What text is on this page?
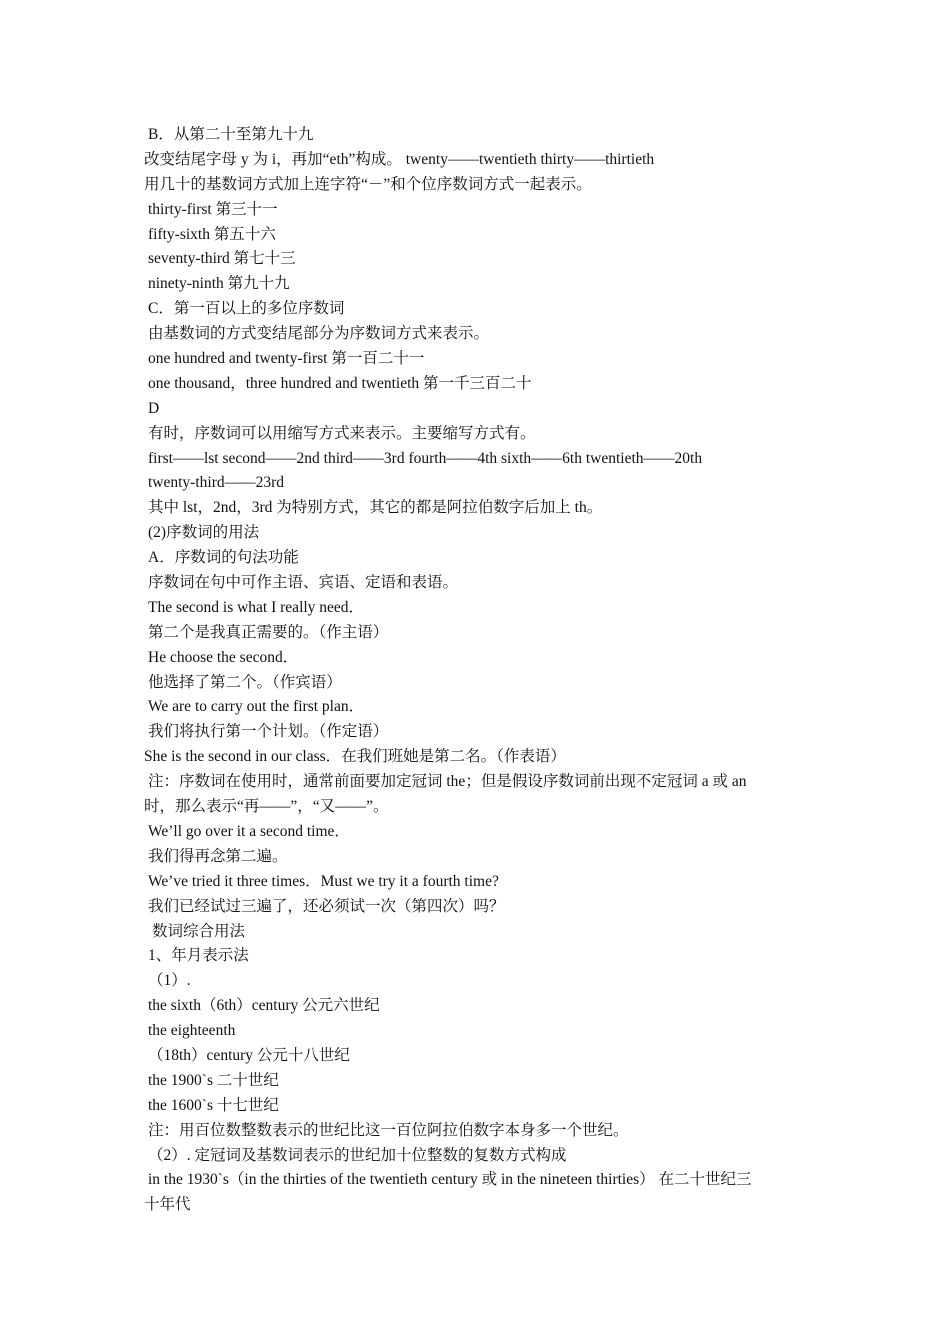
B．从第二十至第九十九
改变结尾字母 y 为 i，再加“eth”构成。 twenty——twentieth thirty——thirtieth
用几十的基数词方式加上连字符“－”和个位序数词方式一起表示。
thirty-first 第三十一
fifty-sixth 第五十六
seventy-third 第七十三
ninety-ninth 第九十九
C．第一百以上的多位序数词
由基数词的方式变结尾部分为序数词方式来表示。
one hundred and twenty-first 第一百二十一
one thousand，three hundred and twentieth 第一千三百二十
D
有时，序数词可以用缩写方式来表示。主要缩写方式有。
first——lst second——2nd third——3rd fourth——4th sixth——6th twentieth——20th
twenty-third——23rd
其中 lst，2nd，3rd 为特别方式，其它的都是阿拉伯数字后加上 th。
(2)序数词的用法
A．序数词的句法功能
序数词在句中可作主语、宾语、定语和表语。
The second is what I really need．
第二个是我真正需要的。（作主语）
He choose the second．
他选择了第二个。（作宾语）
We are to carry out the first plan．
我们将执行第一个计划。（作定语）
She is the second in our class．在我们班她是第二名。（作表语）
注：序数词在使用时，通常前面要加定冠词 the；但是假设序数词前出现不定冠词 a 或 an
时，那么表示“再——”，“又——”。
We’ll go over it a second time．
我们得再念第二遍。
We’ve tried it three times．Must we try it a fourth time?
我们已经试过三遍了，还必须试一次（第四次）吗？
数词综合用法
1、年月表示法
（1）.
the sixth（6th）century 公元六世纪
the eighteenth
（18th）century 公元十八世纪
the 1900`s 二十世纪
the 1600`s 十七世纪
注：用百位数整数表示的世纪比这一百位阿拉伯数字本身多一个世纪。
（2）. 定冠词及基数词表示的世纪加十位整数的复数方式构成
in the 1930`s（in the thirties of the twentieth century 或 in the nineteen thirties） 在二十世纪三
十年代
